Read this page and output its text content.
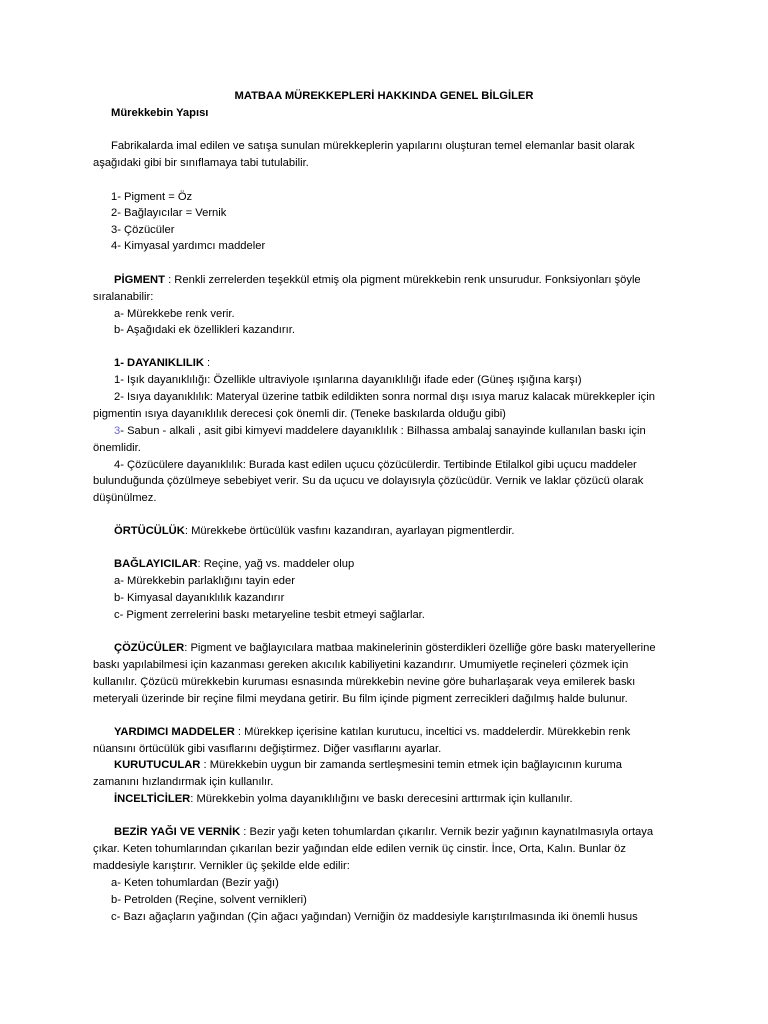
MATBAA MÜREKKEPLERİ HAKKINDA GENEL BİLGİLER
Mürekkebin Yapısı
Fabrikalarda imal edilen ve satışa sunulan mürekkeplerin yapılarını oluşturan temel elemanlar basit olarak
aşağıdaki gibi bir sınıflamaya tabi tutulabilir.
1- Pigment = Öz
2- Bağlayıcılar = Vernik
3- Çözücüler
4- Kimyasal yardımcı maddeler
PİGMENT : Renkli zerrelerden teşekkül etmiş ola pigment mürekkebin renk unsurudur. Fonksiyonları şöyle
sıralanabilir:
a- Mürekkebe renk verir.
b- Aşağıdaki ek özellikleri kazandırır.
1- DAYANIKLILIK :
1- Işık dayanıklılığı: Özellikle ultraviyole ışınlarına dayanıklılığı ifade eder (Güneş ışığına karşı)
2- Isıya dayanıklılık: Materyal üzerine tatbik edildikten sonra normal dışı ısıya maruz kalacak mürekkepler için
pigmentin ısıya dayanıklılık derecesi çok önemli dir. (Teneke baskılarda olduğu gibi)
3- Sabun - alkali , asit gibi kimyevi maddelere dayanıklılık : Bilhassa ambalaj sanayinde kullanılan baskı için
önemlidir.
4- Çözücülere dayanıklılık: Burada kast edilen uçucu çözücülerdir. Tertibinde Etilalkol gibi uçucu maddeler
bulunduğunda çözülmeye sebebiyet verir. Su da uçucu ve dolayısıyla çözücüdür. Vernik ve laklar çözücü olarak
düşünülmez.
ÖRTÜCÜLÜK: Mürekkebe örtücülük vasfını kazandıran, ayarlayan pigmentlerdir.
BAĞLAYICILAR: Reçine, yağ vs. maddeler olup
a- Mürekkebin parlaklığını tayin eder
b- Kimyasal dayanıklılık kazandırır
c- Pigment zerrelerini baskı metaryeline tesbit etmeyi sağlarlar.
ÇÖZÜCÜLER: Pigment ve bağlayıcılara matbaa makinelerinin gösterdikleri özelliğe göre baskı materyellerine
baskı yapılabilmesi için kazanması gereken akıcılık kabiliyetini kazandırır. Umumiyetle reçineleri çözmek için
kullanılır. Çözücü mürekkebin kuruması esnasında mürekkebin nevine göre buharlaşarak veya emilerek baskı
meteryali üzerinde bir reçine filmi meydana getirir. Bu film içinde pigment zerrecikleri dağılmış halde bulunur.
YARDIMCI MADDELER : Mürekkep içerisine katılan kurutucu, inceltici vs. maddelerdir. Mürekkebin renk
nüansını örtücülük gibi vasıflarını değiştirmez. Diğer vasıflarını ayarlar.
KURUTUCULAR : Mürekkebin uygun bir zamanda sertleşmesini temin etmek için bağlayıcının kuruma
zamanını hızlandırmak için kullanılır.
İNCELTİCİLER: Mürekkebin yolma dayanıklılığını ve baskı derecesini arttırmak için kullanılır.
BEZİR YAĞI VE VERNİK : Bezir yağı keten tohumlardan çıkarılır. Vernik bezir yağının kaynatılmasıyla ortaya
çıkar. Keten tohumlarından çıkarılan bezir yağından elde edilen vernik üç cinstir. İnce, Orta, Kalın. Bunlar öz
maddesiyle karıştırır. Vernikler üç şekilde elde edilir:
a- Keten tohumlardan (Bezir yağı)
b- Petrolden (Reçine, solvent vernikleri)
c- Bazı ağaçların yağından (Çin ağacı yağından) Verniğin öz maddesiyle karıştırılmasında iki önemli husus
